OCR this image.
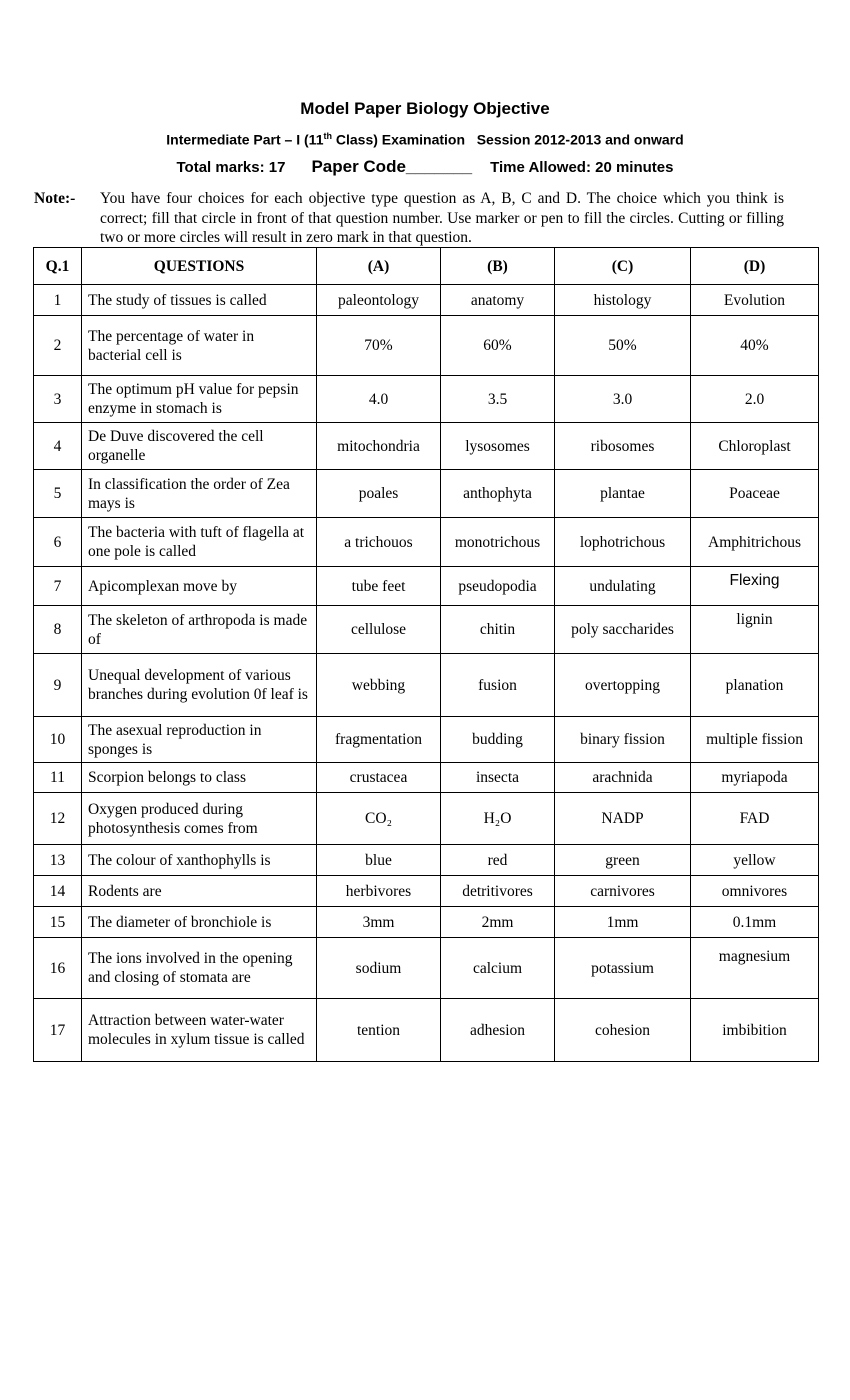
Model Paper Biology Objective
Intermediate Part – I (11th Class) Examination   Session 2012-2013 and onward
Total marks: 17 Paper Code_______ Time Allowed: 20 minutes
Note:- You have four choices for each objective type question as A, B, C and D. The choice which you think is correct; fill that circle in front of that question number. Use marker or pen to fill the circles. Cutting or filling two or more circles will result in zero mark in that question.
Q.1	QUESTIONS	(A)	(B)	(C)	(D)
1	The study of tissues is called	paleontology	anatomy	histology	Evolution
2	The percentage of water in bacterial cell is	70%	60%	50%	40%
3	The optimum pH value for pepsin enzyme in stomach is	4.0	3.5	3.0	2.0
4	De Duve discovered the cell organelle	mitochondria	lysosomes	ribosomes	Chloroplast
5	In classification the order of Zea mays is	poales	anthophyta	plantae	Poaceae
6	The bacteria with tuft of flagella at one pole is called	a trichouos	monotrichous	lophotrichous	Amphitrichous
7	Apicomplexan move by	tube feet	pseudopodia	undulating	Flexing
8	The skeleton of arthropoda is made of	cellulose	chitin	poly saccharides	lignin
9	Unequal development of various branches during evolution 0f leaf is	webbing	fusion	overtopping	planation
10	The asexual reproduction in sponges is	fragmentation	budding	binary fission	multiple fission
11	Scorpion belongs to class	crustacea	insecta	arachnida	myriapoda
12	Oxygen produced during photosynthesis comes from	CO₂	H₂O	NADP	FAD
13	The colour of xanthophylls is	blue	red	green	yellow
14	Rodents are	herbivores	detritivores	carnivores	omnivores
15	The diameter of bronchiole is	3mm	2mm	1mm	0.1mm
16	The ions involved in the opening and closing of stomata are	sodium	calcium	potassium	magnesium
17	Attraction between water-water molecules in xylum tissue is called	tention	adhesion	cohesion	imbibition
